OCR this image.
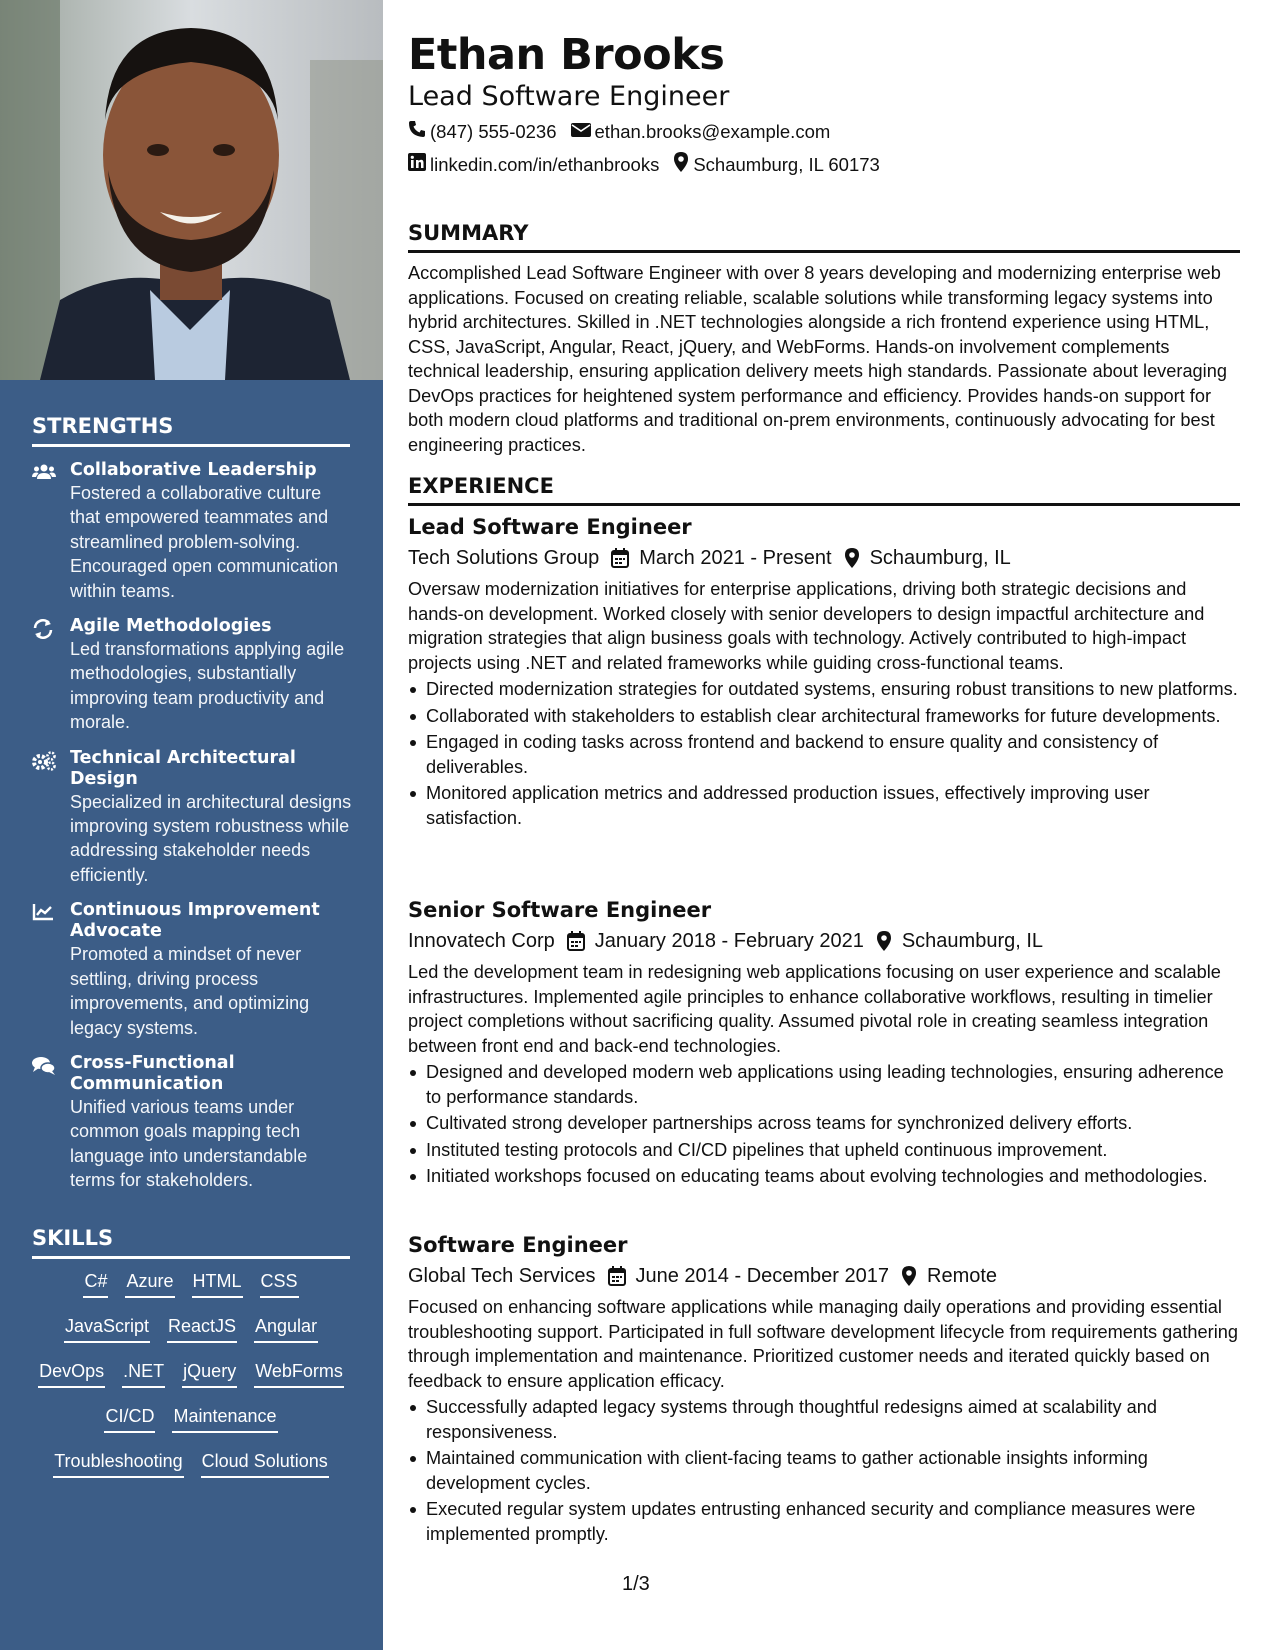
STRENGTHS
Collaborative Leadership
Fostered a collaborative culture that empowered teammates and streamlined problem-solving. Encouraged open communication within teams.
Agile Methodologies
Led transformations applying agile methodologies, substantially improving team productivity and morale.
Technical Architectural Design
Specialized in architectural designs improving system robustness while addressing stakeholder needs efficiently.
Continuous Improvement Advocate
Promoted a mindset of never settling, driving process improvements, and optimizing legacy systems.
Cross-Functional Communication
Unified various teams under common goals mapping tech language into understandable terms for stakeholders.
SKILLS
C# Azure HTML CSS
JavaScript ReactJS Angular
DevOps .NET jQuery WebForms
CI/CD Maintenance
Troubleshooting Cloud Solutions
Ethan Brooks
Lead Software Engineer
(847) 555-0236 ethan.brooks@example.com
linkedin.com/in/ethanbrooks Schaumburg, IL 60173
SUMMARY
Accomplished Lead Software Engineer with over 8 years developing and modernizing enterprise web applications. Focused on creating reliable, scalable solutions while transforming legacy systems into hybrid architectures. Skilled in .NET technologies alongside a rich frontend experience using HTML, CSS, JavaScript, Angular, React, jQuery, and WebForms. Hands-on involvement complements technical leadership, ensuring application delivery meets high standards. Passionate about leveraging DevOps practices for heightened system performance and efficiency. Provides hands-on support for both modern cloud platforms and traditional on-prem environments, continuously advocating for best engineering practices.
EXPERIENCE
Lead Software Engineer
Tech Solutions Group March 2021 - Present Schaumburg, IL
Oversaw modernization initiatives for enterprise applications, driving both strategic decisions and hands-on development. Worked closely with senior developers to design impactful architecture and migration strategies that align business goals with technology. Actively contributed to high-impact projects using .NET and related frameworks while guiding cross-functional teams.
Directed modernization strategies for outdated systems, ensuring robust transitions to new platforms.
Collaborated with stakeholders to establish clear architectural frameworks for future developments.
Engaged in coding tasks across frontend and backend to ensure quality and consistency of deliverables.
Monitored application metrics and addressed production issues, effectively improving user satisfaction.
Senior Software Engineer
Innovatech Corp January 2018 - February 2021 Schaumburg, IL
Led the development team in redesigning web applications focusing on user experience and scalable infrastructures. Implemented agile principles to enhance collaborative workflows, resulting in timelier project completions without sacrificing quality. Assumed pivotal role in creating seamless integration between front end and back-end technologies.
Designed and developed modern web applications using leading technologies, ensuring adherence to performance standards.
Cultivated strong developer partnerships across teams for synchronized delivery efforts.
Instituted testing protocols and CI/CD pipelines that upheld continuous improvement.
Initiated workshops focused on educating teams about evolving technologies and methodologies.
Software Engineer
Global Tech Services June 2014 - December 2017 Remote
Focused on enhancing software applications while managing daily operations and providing essential troubleshooting support. Participated in full software development lifecycle from requirements gathering through implementation and maintenance. Prioritized customer needs and iterated quickly based on feedback to ensure application efficacy.
Successfully adapted legacy systems through thoughtful redesigns aimed at scalability and responsiveness.
Maintained communication with client-facing teams to gather actionable insights informing development cycles.
Executed regular system updates entrusting enhanced security and compliance measures were implemented promptly.
1/3
